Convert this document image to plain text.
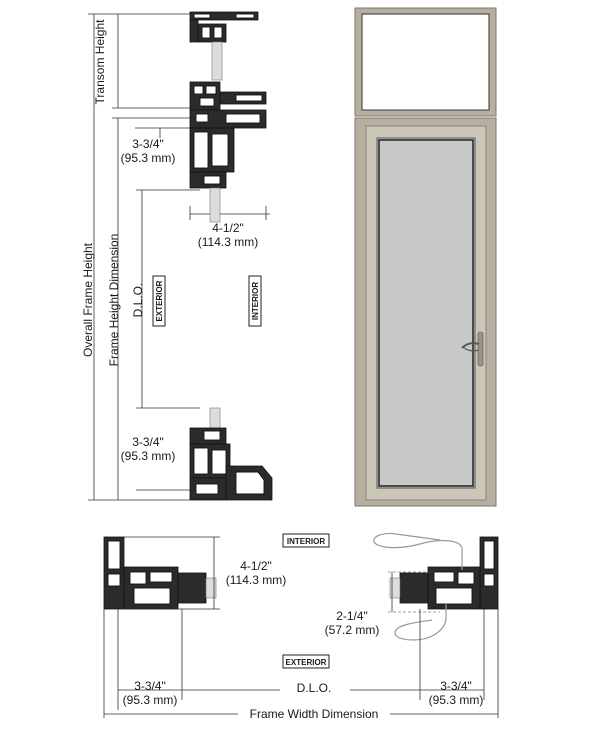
Transom Height
Overall Frame Height Frame Height Dimension D.L.O.
3-3/4"
(95.3 mm)
4-1/2"
(114.3 mm)
3-3/4"
(95.3 mm)
EXTERIOR	INTERIOR
INTERIOR
EXTERIOR
4-1/2"
(114.3 mm)
2-1/4"
(57.2 mm)
3-3/4"
(95.3 mm)
D.L.O.	3-3/4"
(95.3 mm)
Frame Width Dimension
